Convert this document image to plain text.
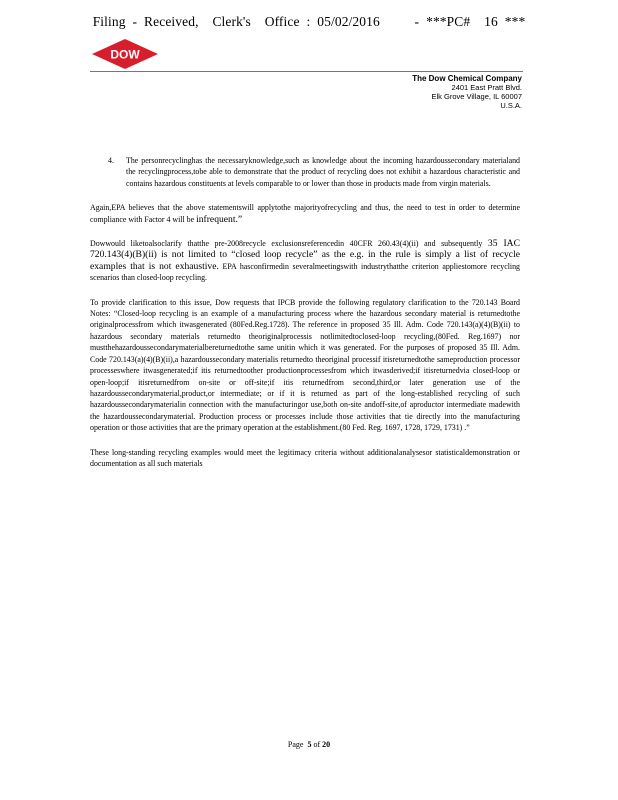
Filing  -  Received,    Clerk's    Office  :  05/02/2016          -  ***PC#    16  ***
DOW
The Dow Chemical Company
2401 East Pratt Blvd.
Elk Grove Village, IL 60007
U.S.A.
4.	The personrecyclinghas the necessaryknowledge,such as knowledge about the incoming hazardoussecondary materialand the recyclingprocess,tobe able to demonstrate that the product of recycling does not exhibit a hazardous characteristic and contains hazardous constituents at levels comparable to or lower than those in products made from virgin materials.

Again,EPA believes that the above statementswill applytothe majorityofrecycling and thus, the need to test in order to determine compliance with Factor 4 will be infrequent.”

Dowwould liketoalsoclarify thatthe pre-2008recycle exclusionsreferencedin 40CFR 260.43(4)(ii) and subsequently 35 IAC 720.143(4)(B)(ii) is not limited to “closed loop recycle” as the e.g. in the rule is simply a list of recycle examples that is not exhaustive. EPA hasconfirmedin severalmeetingswith industrythatthe criterion appliestomore recycling scenarios than closed-loop recycling.

To provide clarification to this issue, Dow requests that IPCB provide the following regulatory clarification to the 720.143 Board Notes: “Closed-loop recycling is an example of a manufacturing process where the hazardous secondary material is returnedtothe originalprocessfrom which itwasgenerated (80Fed.Reg.1728). The reference in proposed 35 Ill. Adm. Code 720.143(a)(4)(B)(ii) to hazardous secondary materials returnedto theoriginalprocessis notlimitedtoclosed-loop recycling,(80Fed. Reg.1697) nor mustthehazardoussecondarymaterialbereturnedtothe same unitin which it was generated. For the purposes of proposed 35 Ill. Adm. Code 720.143(a)(4)(B)(ii),a hazardoussecondary materialis returnedto theoriginal processif itisreturnedtothe sameproduction processor processeswhere itwasgenerated;if itis returnedtoother productionprocessesfrom which itwasderived;if itisreturnedvia closed-loop or open-loop;if itisreturnedfrom on-site or off-site;if itis returnedfrom second,third,or later generation use of the hazardoussecondarymaterial,product,or intermediate; or if it is returned as part of the long-established recycling of such hazardoussecondarymaterialin connection with the manufacturingor use,both on-site andoff-site,of aproductor intermediate madewith the hazardoussecondarymaterial. Production process or processes include those activities that tie directly into the manufacturing operation or those activities that are the primary operation at the establishment.(80 Fed. Reg. 1697, 1728, 1729, 1731) .”

These long-standing recycling examples would meet the legitimacy criteria without additionalanalysesor statisticaldemonstration or documentation as all such materials

Page 5 of 20
